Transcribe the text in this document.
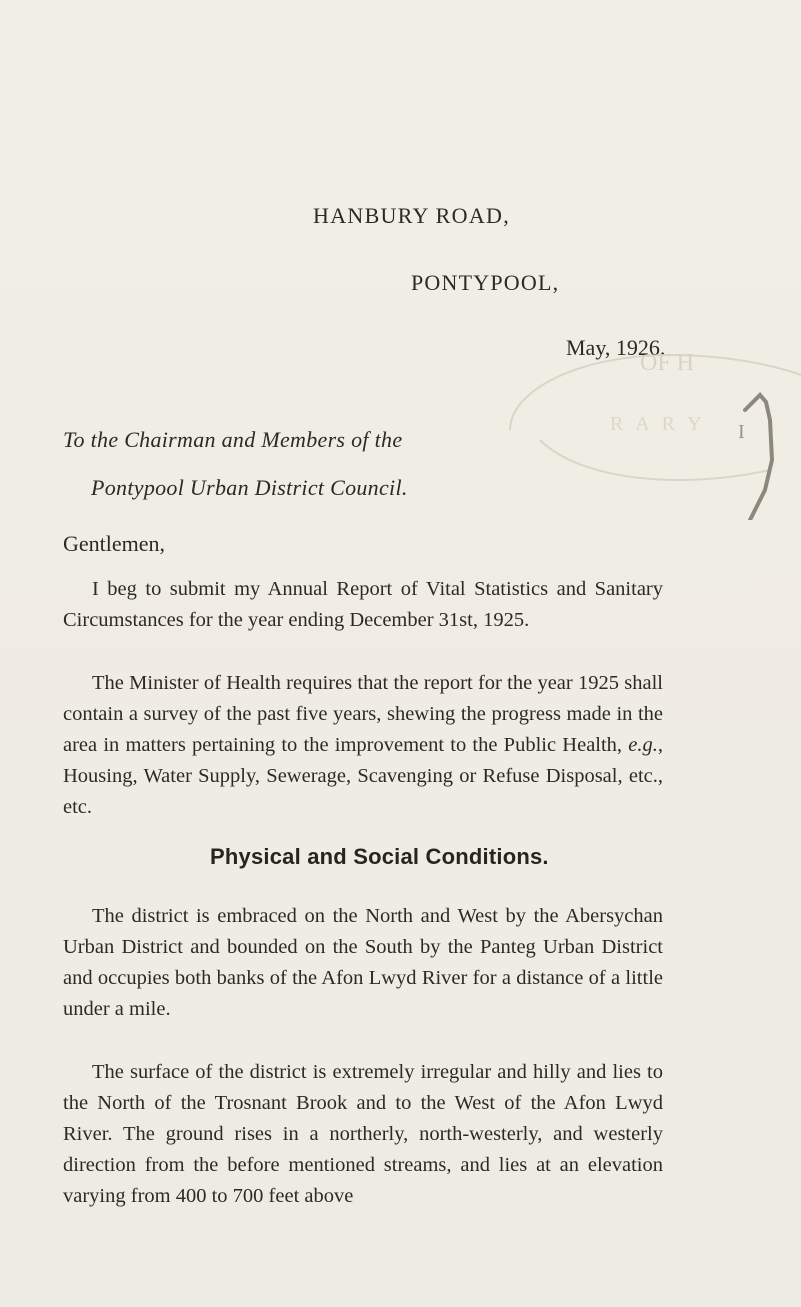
HANBURY ROAD,
PONTYPOOL,
May, 1926.
OF H
R A R Y I
To the Chairman and Members of the
Pontypool Urban District Council.
Gentlemen,

I beg to submit my Annual Report of Vital Statistics and Sanitary Circumstances for the year ending December 31st, 1925.

The Minister of Health requires that the report for the year 1925 shall contain a survey of the past five years, shewing the progress made in the area in matters pertaining to the improvement to the Public Health, e.g., Housing, Water Supply, Sewerage, Scavenging or Refuse Disposal, etc., etc.

Physical and Social Conditions.

The district is embraced on the North and West by the Abersychan Urban District and bounded on the South by the Panteg Urban District and occupies both banks of the Afon Lwyd River for a distance of a little under a mile.

The surface of the district is extremely irregular and hilly and lies to the North of the Trosnant Brook and to the West of the Afon Lwyd River. The ground rises in a northerly, north-westerly, and westerly direction from the before mentioned streams, and lies at an elevation varying from 400 to 700 feet above
